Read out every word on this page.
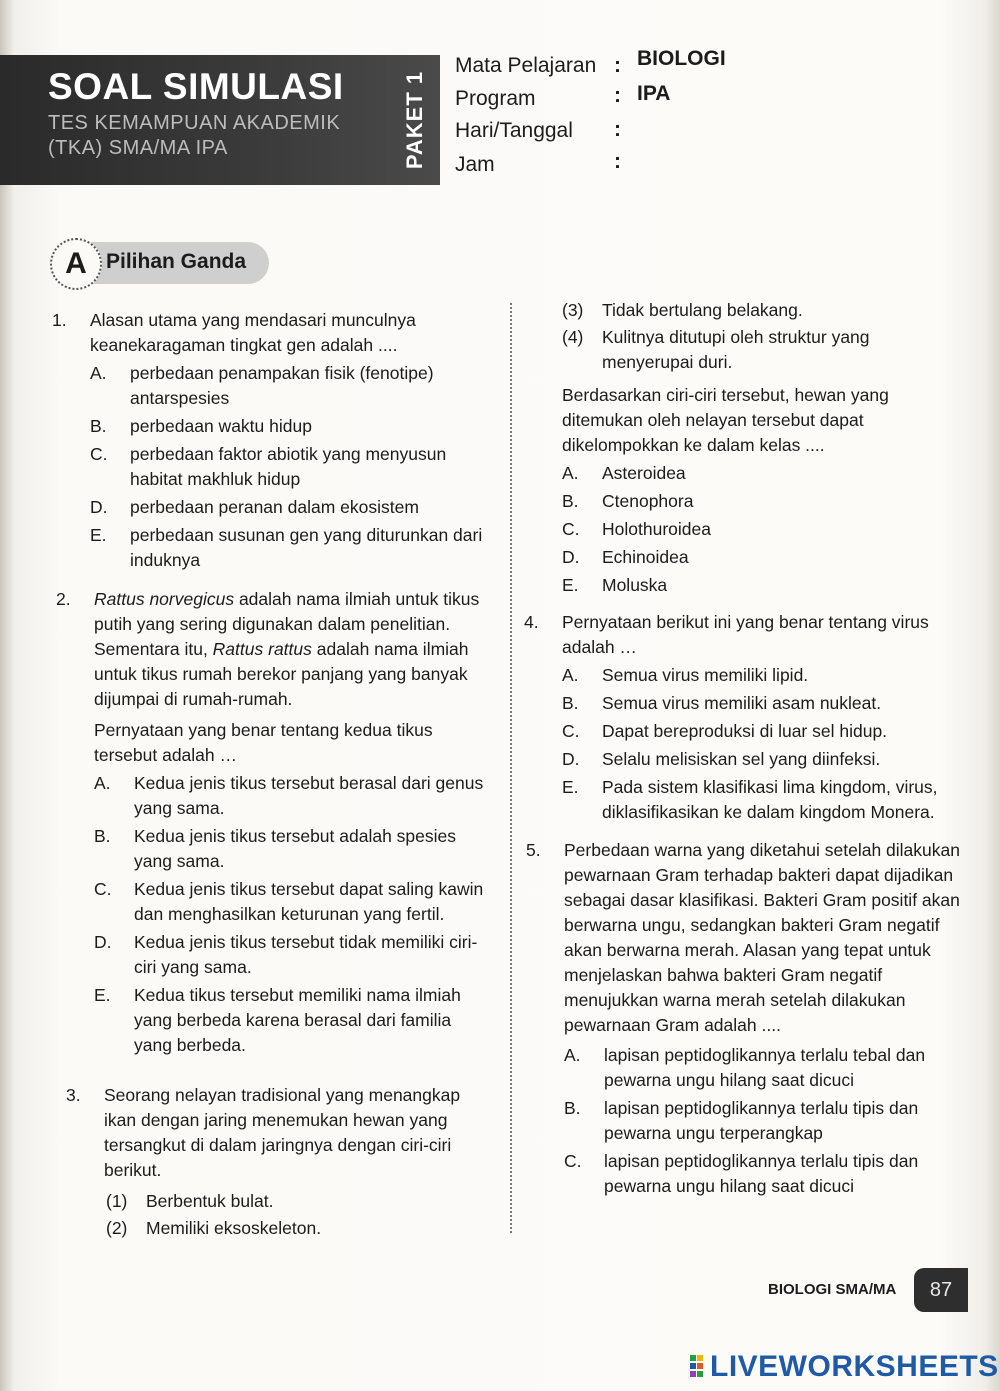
SOAL SIMULASI
TES KEMAMPUAN AKADEMIK
(TKA) SMA/MA IPA	PAKET 1
Mata Pelajaran : BIOLOGI
Program	: IPA
Hari/Tanggal :
Jam	:
A Pilihan Ganda
1. Alasan utama yang mendasari munculnya keanekaragaman tingkat gen adalah ....
A. perbedaan penampakan fisik (fenotipe) antarspesies
B. perbedaan waktu hidup
C. perbedaan faktor abiotik yang menyusun habitat makhluk hidup
D. perbedaan peranan dalam ekosistem
E. perbedaan susunan gen yang diturunkan dari induknya
2. Rattus norvegicus adalah nama ilmiah untuk tikus putih yang sering digunakan dalam penelitian. Sementara itu, Rattus rattus adalah nama ilmiah untuk tikus rumah berekor panjang yang banyak dijumpai di rumah-rumah.
Pernyataan yang benar tentang kedua tikus tersebut adalah …
A. Kedua jenis tikus tersebut berasal dari genus yang sama.
B. Kedua jenis tikus tersebut adalah spesies yang sama.
C. Kedua jenis tikus tersebut dapat saling kawin dan menghasilkan keturunan yang fertil.
D. Kedua jenis tikus tersebut tidak memiliki ciri-ciri yang sama.
E. Kedua tikus tersebut memiliki nama ilmiah yang berbeda karena berasal dari familia yang berbeda.
3. Seorang nelayan tradisional yang menangkap ikan dengan jaring menemukan hewan yang tersangkut di dalam jaringnya dengan ciri-ciri berikut.
(1) Berbentuk bulat.
(2) Memiliki eksoskeleton.
(3) Tidak bertulang belakang.
(4) Kulitnya ditutupi oleh struktur yang menyerupai duri.
Berdasarkan ciri-ciri tersebut, hewan yang ditemukan oleh nelayan tersebut dapat dikelompokkan ke dalam kelas ....
A. Asteroidea
B. Ctenophora
C. Holothuroidea
D. Echinoidea
E. Moluska
4. Pernyataan berikut ini yang benar tentang virus adalah …
A. Semua virus memiliki lipid.
B. Semua virus memiliki asam nukleat.
C. Dapat bereproduksi di luar sel hidup.
D. Selalu melisiskan sel yang diinfeksi.
E. Pada sistem klasifikasi lima kingdom, virus, diklasifikasikan ke dalam kingdom Monera.
5. Perbedaan warna yang diketahui setelah dilakukan pewarnaan Gram terhadap bakteri dapat dijadikan sebagai dasar klasifikasi. Bakteri Gram positif akan berwarna ungu, sedangkan bakteri Gram negatif akan berwarna merah. Alasan yang tepat untuk menjelaskan bahwa bakteri Gram negatif menujukkan warna merah setelah dilakukan pewarnaan Gram adalah ....
A. lapisan peptidoglikannya terlalu tebal dan pewarna ungu hilang saat dicuci
B. lapisan peptidoglikannya terlalu tipis dan pewarna ungu terperangkap
C. lapisan peptidoglikannya terlalu tipis dan pewarna ungu hilang saat dicuci
BIOLOGI SMA/MA	87
LIVEWORKSHEETS
